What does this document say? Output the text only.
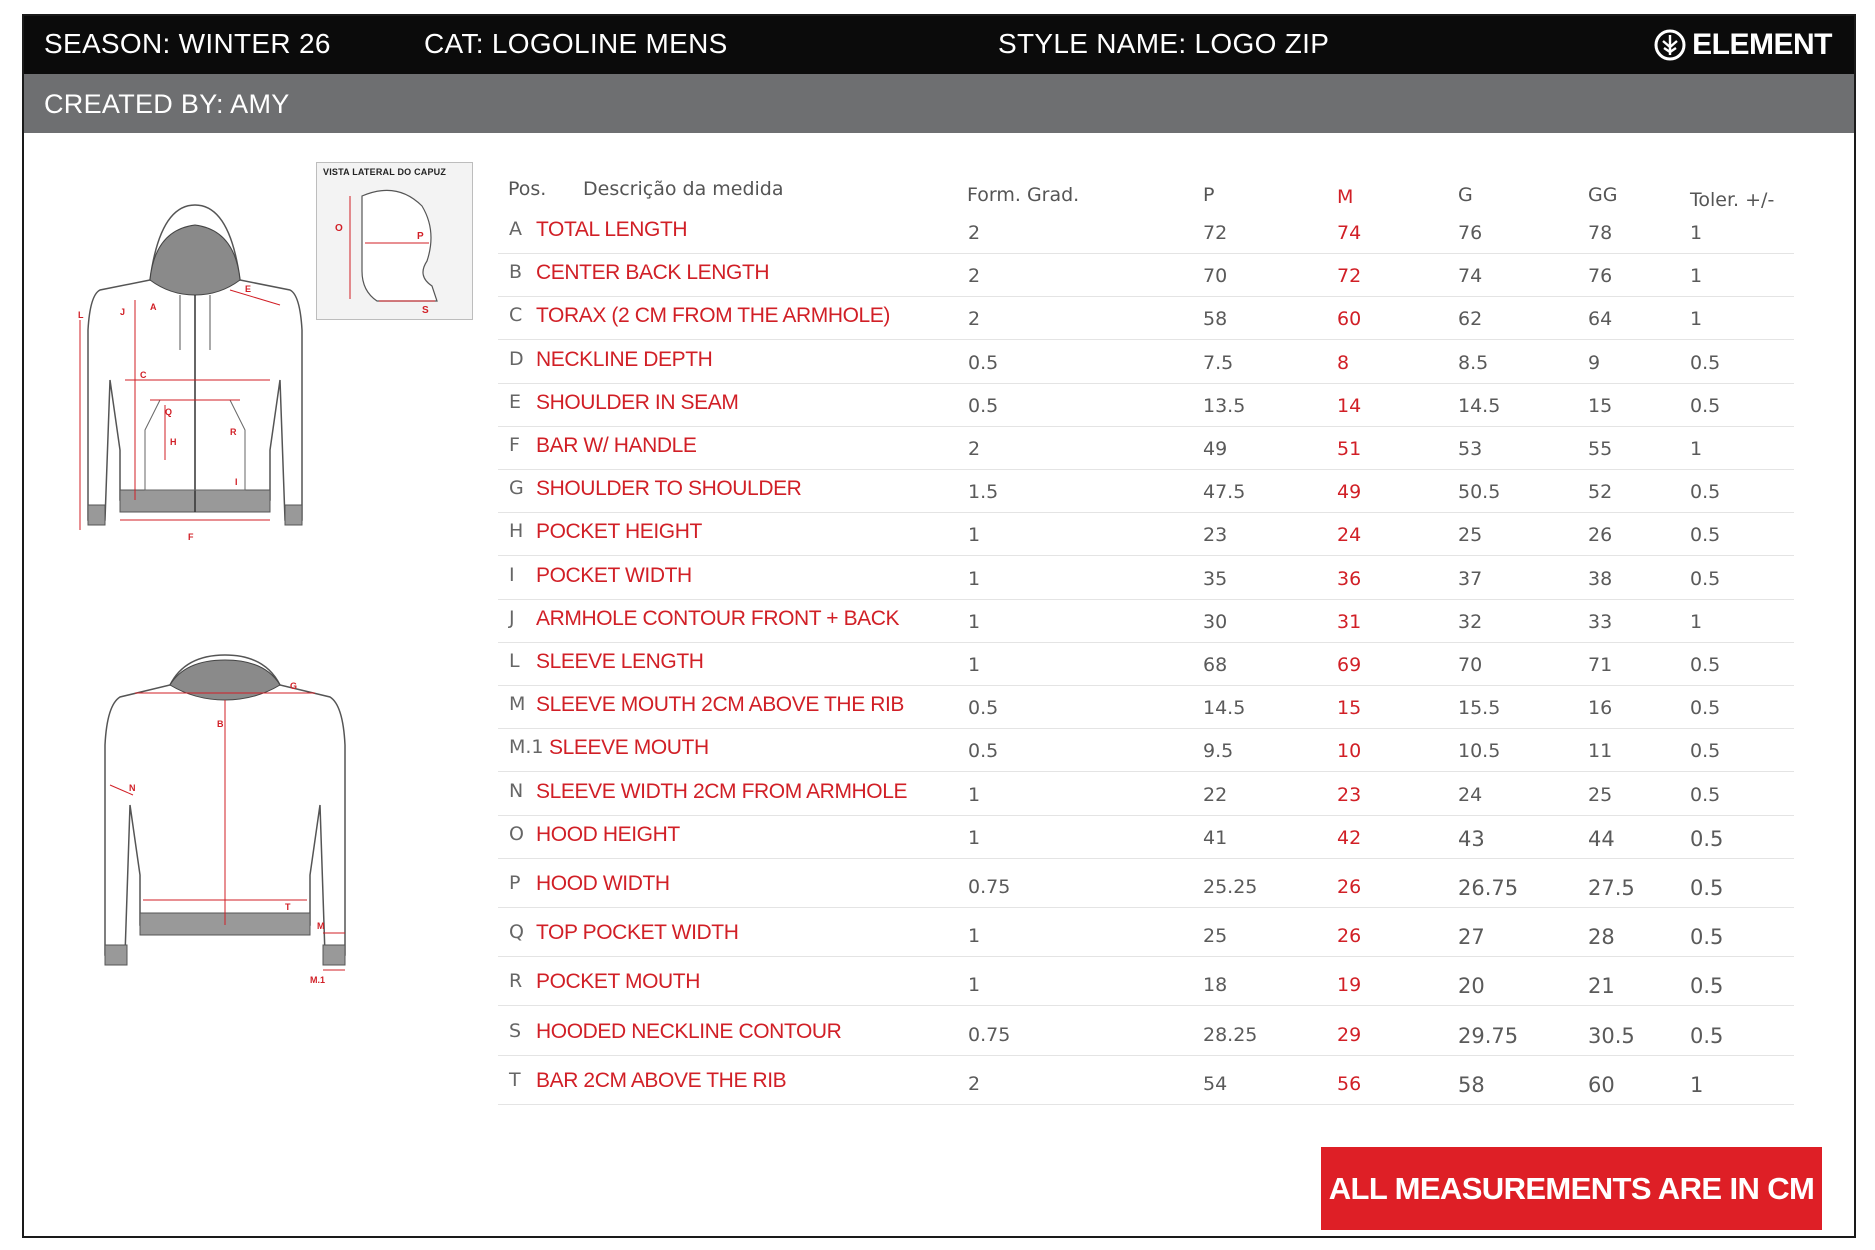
SEASON: WINTER 26	CAT: LOGOLINE MENS	STYLE NAME: LOGO ZIP	ELEMENT
CREATED BY: AMY
L	J	A
E
C
Q
R
H
I
F
VISTA LATERAL DO CAPUZ
O
P
S
G
B
N
T
M
M.1
Pos. Descrição da medida	Form. Grad.	P	M	G	GG	Toler. +/-
A TOTAL LENGTH	2	72	74	76	78	1
B CENTER BACK LENGTH	2	70	72	74	76	1
C TORAX (2 CM FROM THE ARMHOLE)	2	58	60	62	64	1
D NECKLINE DEPTH	0.5	7.5	8	8.5	9	0.5
E SHOULDER IN SEAM	0.5	13.5	14	14.5	15	0.5
F BAR W/ HANDLE	2	49	51	53	55	1
G SHOULDER TO SHOULDER	1.5	47.5	49	50.5	52	0.5
H POCKET HEIGHT	1	23	24	25	26	0.5
I POCKET WIDTH	1	35	36	37	38	0.5
J ARMHOLE CONTOUR FRONT + BACK	1	30	31	32	33	1
L SLEEVE LENGTH	1	68	69	70	71	0.5
M SLEEVE MOUTH 2CM ABOVE THE RIB	0.5	14.5	15	15.5	16	0.5
M.1 SLEEVE MOUTH	0.5	9.5	10	10.5	11	0.5
N SLEEVE WIDTH 2CM FROM ARMHOLE	1	22	23	24	25	0.5
O HOOD HEIGHT	1	41	42	43	44	0.5
P HOOD WIDTH	0.75	25.25	26	26.75	27.5	0.5
Q TOP POCKET WIDTH	1	25	26	27	28	0.5
R POCKET MOUTH	1	18	19	20	21	0.5
S HOODED NECKLINE CONTOUR	0.75	28.25	29	29.75	30.5	0.5
T BAR 2CM ABOVE THE RIB	2	54	56	58	60	1
ALL MEASUREMENTS ARE IN CM
